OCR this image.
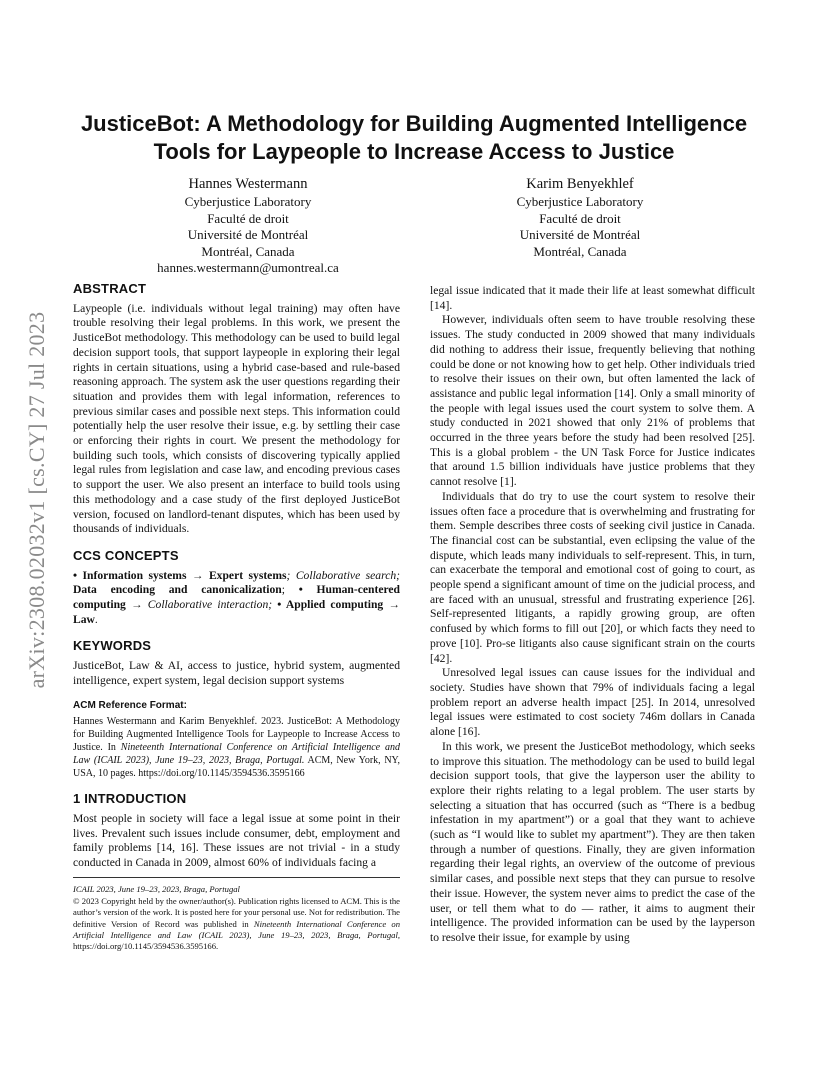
arXiv:2308.02032v1 [cs.CY] 27 Jul 2023
JusticeBot: A Methodology for Building Augmented Intelligence
Tools for Laypeople to Increase Access to Justice
Hannes Westermann
Cyberjustice Laboratory
Faculté de droit
Université de Montréal
Montréal, Canada
hannes.westermann@umontreal.ca
Karim Benyekhlef
Cyberjustice Laboratory
Faculté de droit
Université de Montréal
Montréal, Canada
ABSTRACT

Laypeople (i.e. individuals without legal training) may often have trouble resolving their legal problems. In this work, we present the JusticeBot methodology. This methodology can be used to build legal decision support tools, that support laypeople in exploring their legal rights in certain situations, using a hybrid case-based and rule-based reasoning approach. The system ask the user questions regarding their situation and provides them with legal information, references to previous similar cases and possible next steps. This information could potentially help the user resolve their issue, e.g. by settling their case or enforcing their rights in court. We present the methodology for building such tools, which consists of discovering typically applied legal rules from legislation and case law, and encoding previous cases to support the user. We also present an interface to build tools using this methodology and a case study of the first deployed JusticeBot version, focused on landlord-tenant disputes, which has been used by thousands of individuals.

CCS CONCEPTS

• Information systems → Expert systems; Collaborative search; Data encoding and canonicalization; • Human-centered computing → Collaborative interaction; • Applied computing → Law.

KEYWORDS

JusticeBot, Law & AI, access to justice, hybrid system, augmented intelligence, expert system, legal decision support systems

ACM Reference Format:

Hannes Westermann and Karim Benyekhlef. 2023. JusticeBot: A Methodology for Building Augmented Intelligence Tools for Laypeople to Increase Access to Justice. In Nineteenth International Conference on Artificial Intelligence and Law (ICAIL 2023), June 19–23, 2023, Braga, Portugal. ACM, New York, NY, USA, 10 pages. https://doi.org/10.1145/3594536.3595166

1 INTRODUCTION

Most people in society will face a legal issue at some point in their lives. Prevalent such issues include consumer, debt, employment and family problems [14, 16]. These issues are not trivial - in a study conducted in Canada in 2009, almost 60% of individuals facing a

ICAIL 2023, June 19–23, 2023, Braga, Portugal

© 2023 Copyright held by the owner/author(s). Publication rights licensed to ACM. This is the author’s version of the work. It is posted here for your personal use. Not for redistribution. The definitive Version of Record was published in Nineteenth International Conference on Artificial Intelligence and Law (ICAIL 2023), June 19–23, 2023, Braga, Portugal, https://doi.org/10.1145/3594536.3595166.

legal issue indicated that it made their life at least somewhat difficult [14].

However, individuals often seem to have trouble resolving these issues. The study conducted in 2009 showed that many individuals did nothing to address their issue, frequently believing that nothing could be done or not knowing how to get help. Other individuals tried to resolve their issues on their own, but often lamented the lack of assistance and public legal information [14]. Only a small minority of the people with legal issues used the court system to solve them. A study conducted in 2021 showed that only 21% of problems that occurred in the three years before the study had been resolved [25]. This is a global problem - the UN Task Force for Justice indicates that around 1.5 billion individuals have justice problems that they cannot resolve [1].

Individuals that do try to use the court system to resolve their issues often face a procedure that is overwhelming and frustrating for them. Semple describes three costs of seeking civil justice in Canada. The financial cost can be substantial, even eclipsing the value of the dispute, which leads many individuals to self-represent. This, in turn, can exacerbate the temporal and emotional cost of going to court, as people spend a significant amount of time on the judicial process, and are faced with an unusual, stressful and frustrating experience [26]. Self-represented litigants, a rapidly growing group, are often confused by which forms to fill out [20], or which facts they need to prove [10]. Pro-se litigants also cause significant strain on the courts [42].

Unresolved legal issues can cause issues for the individual and society. Studies have shown that 79% of individuals facing a legal problem report an adverse health impact [25]. In 2014, unresolved legal issues were estimated to cost society 746m dollars in Canada alone [16].

In this work, we present the JusticeBot methodology, which seeks to improve this situation. The methodology can be used to build legal decision support tools, that give the layperson user the ability to explore their rights relating to a legal problem. The user starts by selecting a situation that has occurred (such as “There is a bedbug infestation in my apartment”) or a goal that they want to achieve (such as “I would like to sublet my apartment”). They are then taken through a number of questions. Finally, they are given information regarding their legal rights, an overview of the outcome of previous similar cases, and possible next steps that they can pursue to resolve their issue. However, the system never aims to predict the case of the user, or tell them what to do — rather, it aims to augment their intelligence. The provided information can be used by the layperson to resolve their issue, for example by using
